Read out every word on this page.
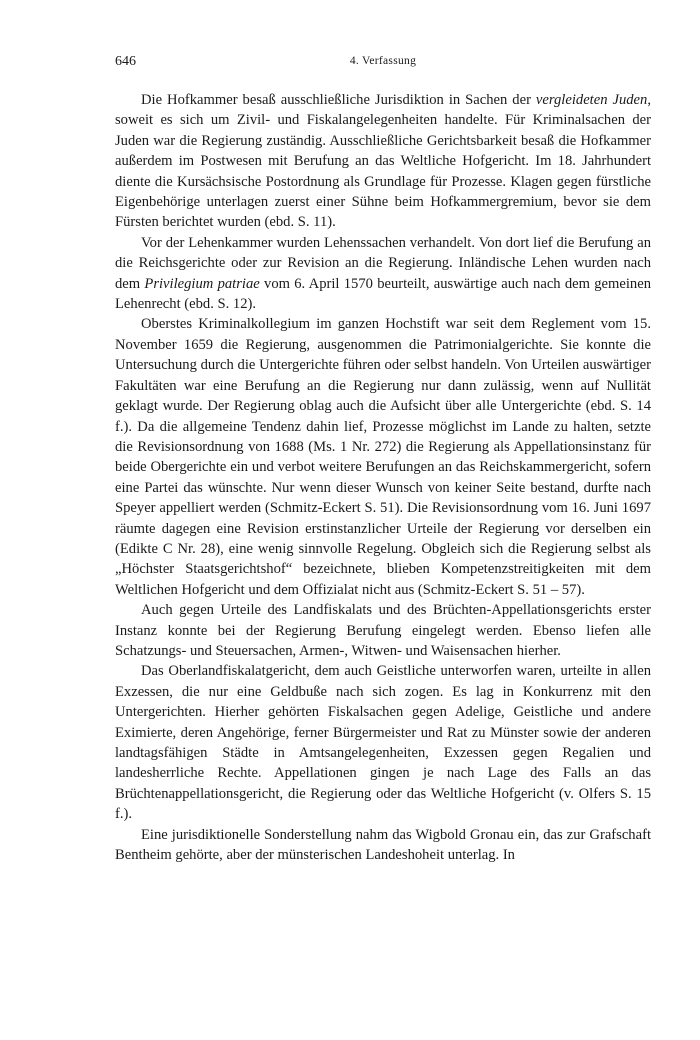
646	4. Verfassung

Die Hofkammer besaß ausschließliche Jurisdiktion in Sachen der vergleideten Juden, soweit es sich um Zivil- und Fiskalangelegenheiten handelte. Für Kriminalsachen der Juden war die Regierung zuständig. Ausschließliche Gerichtsbarkeit besaß die Hofkammer außerdem im Postwesen mit Berufung an das Weltliche Hofgericht. Im 18. Jahrhundert diente die Kursächsische Postordnung als Grundlage für Prozesse. Klagen gegen fürstliche Eigenbehörige unterlagen zuerst einer Sühne beim Hofkammergremium, bevor sie dem Fürsten berichtet wurden (ebd. S. 11).

Vor der Lehenkammer wurden Lehenssachen verhandelt. Von dort lief die Berufung an die Reichsgerichte oder zur Revision an die Regierung. Inländische Lehen wurden nach dem Privilegium patriae vom 6. April 1570 beurteilt, auswärtige auch nach dem gemeinen Lehenrecht (ebd. S. 12).

Oberstes Kriminalkollegium im ganzen Hochstift war seit dem Reglement vom 15. November 1659 die Regierung, ausgenommen die Patrimonialgerichte. Sie konnte die Untersuchung durch die Untergerichte führen oder selbst handeln. Von Urteilen auswärtiger Fakultäten war eine Berufung an die Regierung nur dann zulässig, wenn auf Nullität geklagt wurde. Der Regierung oblag auch die Aufsicht über alle Untergerichte (ebd. S. 14 f.). Da die allgemeine Tendenz dahin lief, Prozesse möglichst im Lande zu halten, setzte die Revisionsordnung von 1688 (Ms. 1 Nr. 272) die Regierung als Appellationsinstanz für beide Obergerichte ein und verbot weitere Berufungen an das Reichskammergericht, sofern eine Partei das wünschte. Nur wenn dieser Wunsch von keiner Seite bestand, durfte nach Speyer appelliert werden (Schmitz-Eckert S. 51). Die Revisionsordnung vom 16. Juni 1697 räumte dagegen eine Revision erstinstanzlicher Urteile der Regierung vor derselben ein (Edikte C Nr. 28), eine wenig sinnvolle Regelung. Obgleich sich die Regierung selbst als „Höchster Staatsgerichtshof“ bezeichnete, blieben Kompetenzstreitigkeiten mit dem Weltlichen Hofgericht und dem Offizialat nicht aus (Schmitz-Eckert S. 51 – 57).

Auch gegen Urteile des Landfiskalats und des Brüchten-Appellationsgerichts erster Instanz konnte bei der Regierung Berufung eingelegt werden. Ebenso liefen alle Schatzungs- und Steuersachen, Armen-, Witwen- und Waisensachen hierher.

Das Oberlandfiskalatgericht, dem auch Geistliche unterworfen waren, urteilte in allen Exzessen, die nur eine Geldbuße nach sich zogen. Es lag in Konkurrenz mit den Untergerichten. Hierher gehörten Fiskalsachen gegen Adelige, Geistliche und andere Eximierte, deren Angehörige, ferner Bürgermeister und Rat zu Münster sowie der anderen landtagsfähigen Städte in Amtsangelegenheiten, Exzessen gegen Regalien und landesherrliche Rechte. Appellationen gingen je nach Lage des Falls an das Brüchtenappellationsgericht, die Regierung oder das Weltliche Hofgericht (v. Olfers S. 15 f.).

Eine jurisdiktionelle Sonderstellung nahm das Wigbold Gronau ein, das zur Grafschaft Bentheim gehörte, aber der münsterischen Landeshoheit unterlag. In
